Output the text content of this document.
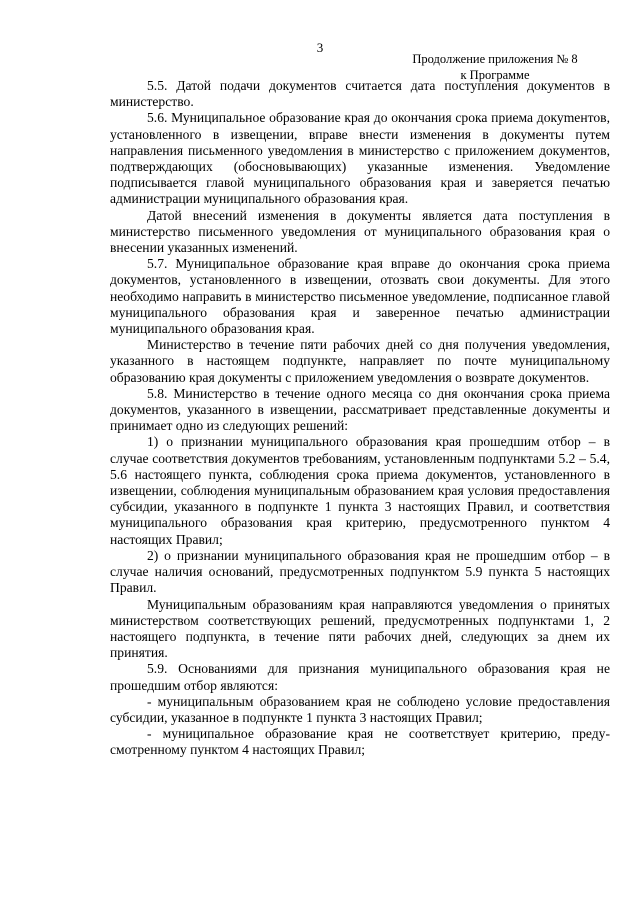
3
Продолжение приложения № 8
к Программе

5.5. Датой подачи документов считается дата поступления документов в министерство.

5.6. Муниципальное образование края до окончания срока приема докуmентов, установленного в извещении, вправе внести изменения в документы путем направления письменного уведомления в министерство с приложением документов, подтверждающих (обосновывающих) указанные изменения. Уведомление подписывается главой муниципального образования края и заверяется печатью администрации муниципального образования края.

Датой внесений изменения в документы является дата поступления в министерство письменного уведомления от муниципального образования края о внесении указанных изменений.

5.7. Муниципальное образование края вправе до окончания срока приема документов, установленного в извещении, отозвать свои документы. Для этого необходимо направить в министерство письменное уведомление, подписанное главой муниципального образования края и заверенное печатью администрации муниципального образования края.

Министерство в течение пяти рабочих дней со дня получения уведомления, указанного в настоящем подпункте, направляет по почте муниципальному образованию края документы с приложением уведомления о возврате документов.

5.8. Министерство в течение одного месяца со дня окончания срока приема документов, указанного в извещении, рассматривает представленные документы и принимает одно из следующих решений:

1) о признании муниципального образования края прошедшим отбор – в случае соответствия документов требованиям, установленным подпунктами 5.2 – 5.4, 5.6 настоящего пункта, соблюдения срока приема документов, установленного в извещении, соблюдения муниципальным образованием края условия предоставления субсидии, указанного в подпункте 1 пункта 3 настоящих Правил, и соответствия муниципального образования края критерию, предусмотренного пунктом 4 настоящих Правил;

2) о признании муниципального образования края не прошедшим отбор – в случае наличия оснований, предусмотренных подпунктом 5.9 пункта 5 настоящих Правил.

Муниципальным образованиям края направляются уведомления о принятых министерством соответствующих решений, предусмотренных подпунктами 1, 2 настоящего подпункта, в течение пяти рабочих дней, следующих за днем их принятия.

5.9. Основаниями для признания муниципального образования края не прошедшим отбор являются:

- муниципальным образованием края не соблюдено условие предоставления субсидии, указанное в подпункте 1 пункта 3 настоящих Правил;

- муниципальное образование края не соответствует критерию, предусмотренному пунктом 4 настоящих Правил;
